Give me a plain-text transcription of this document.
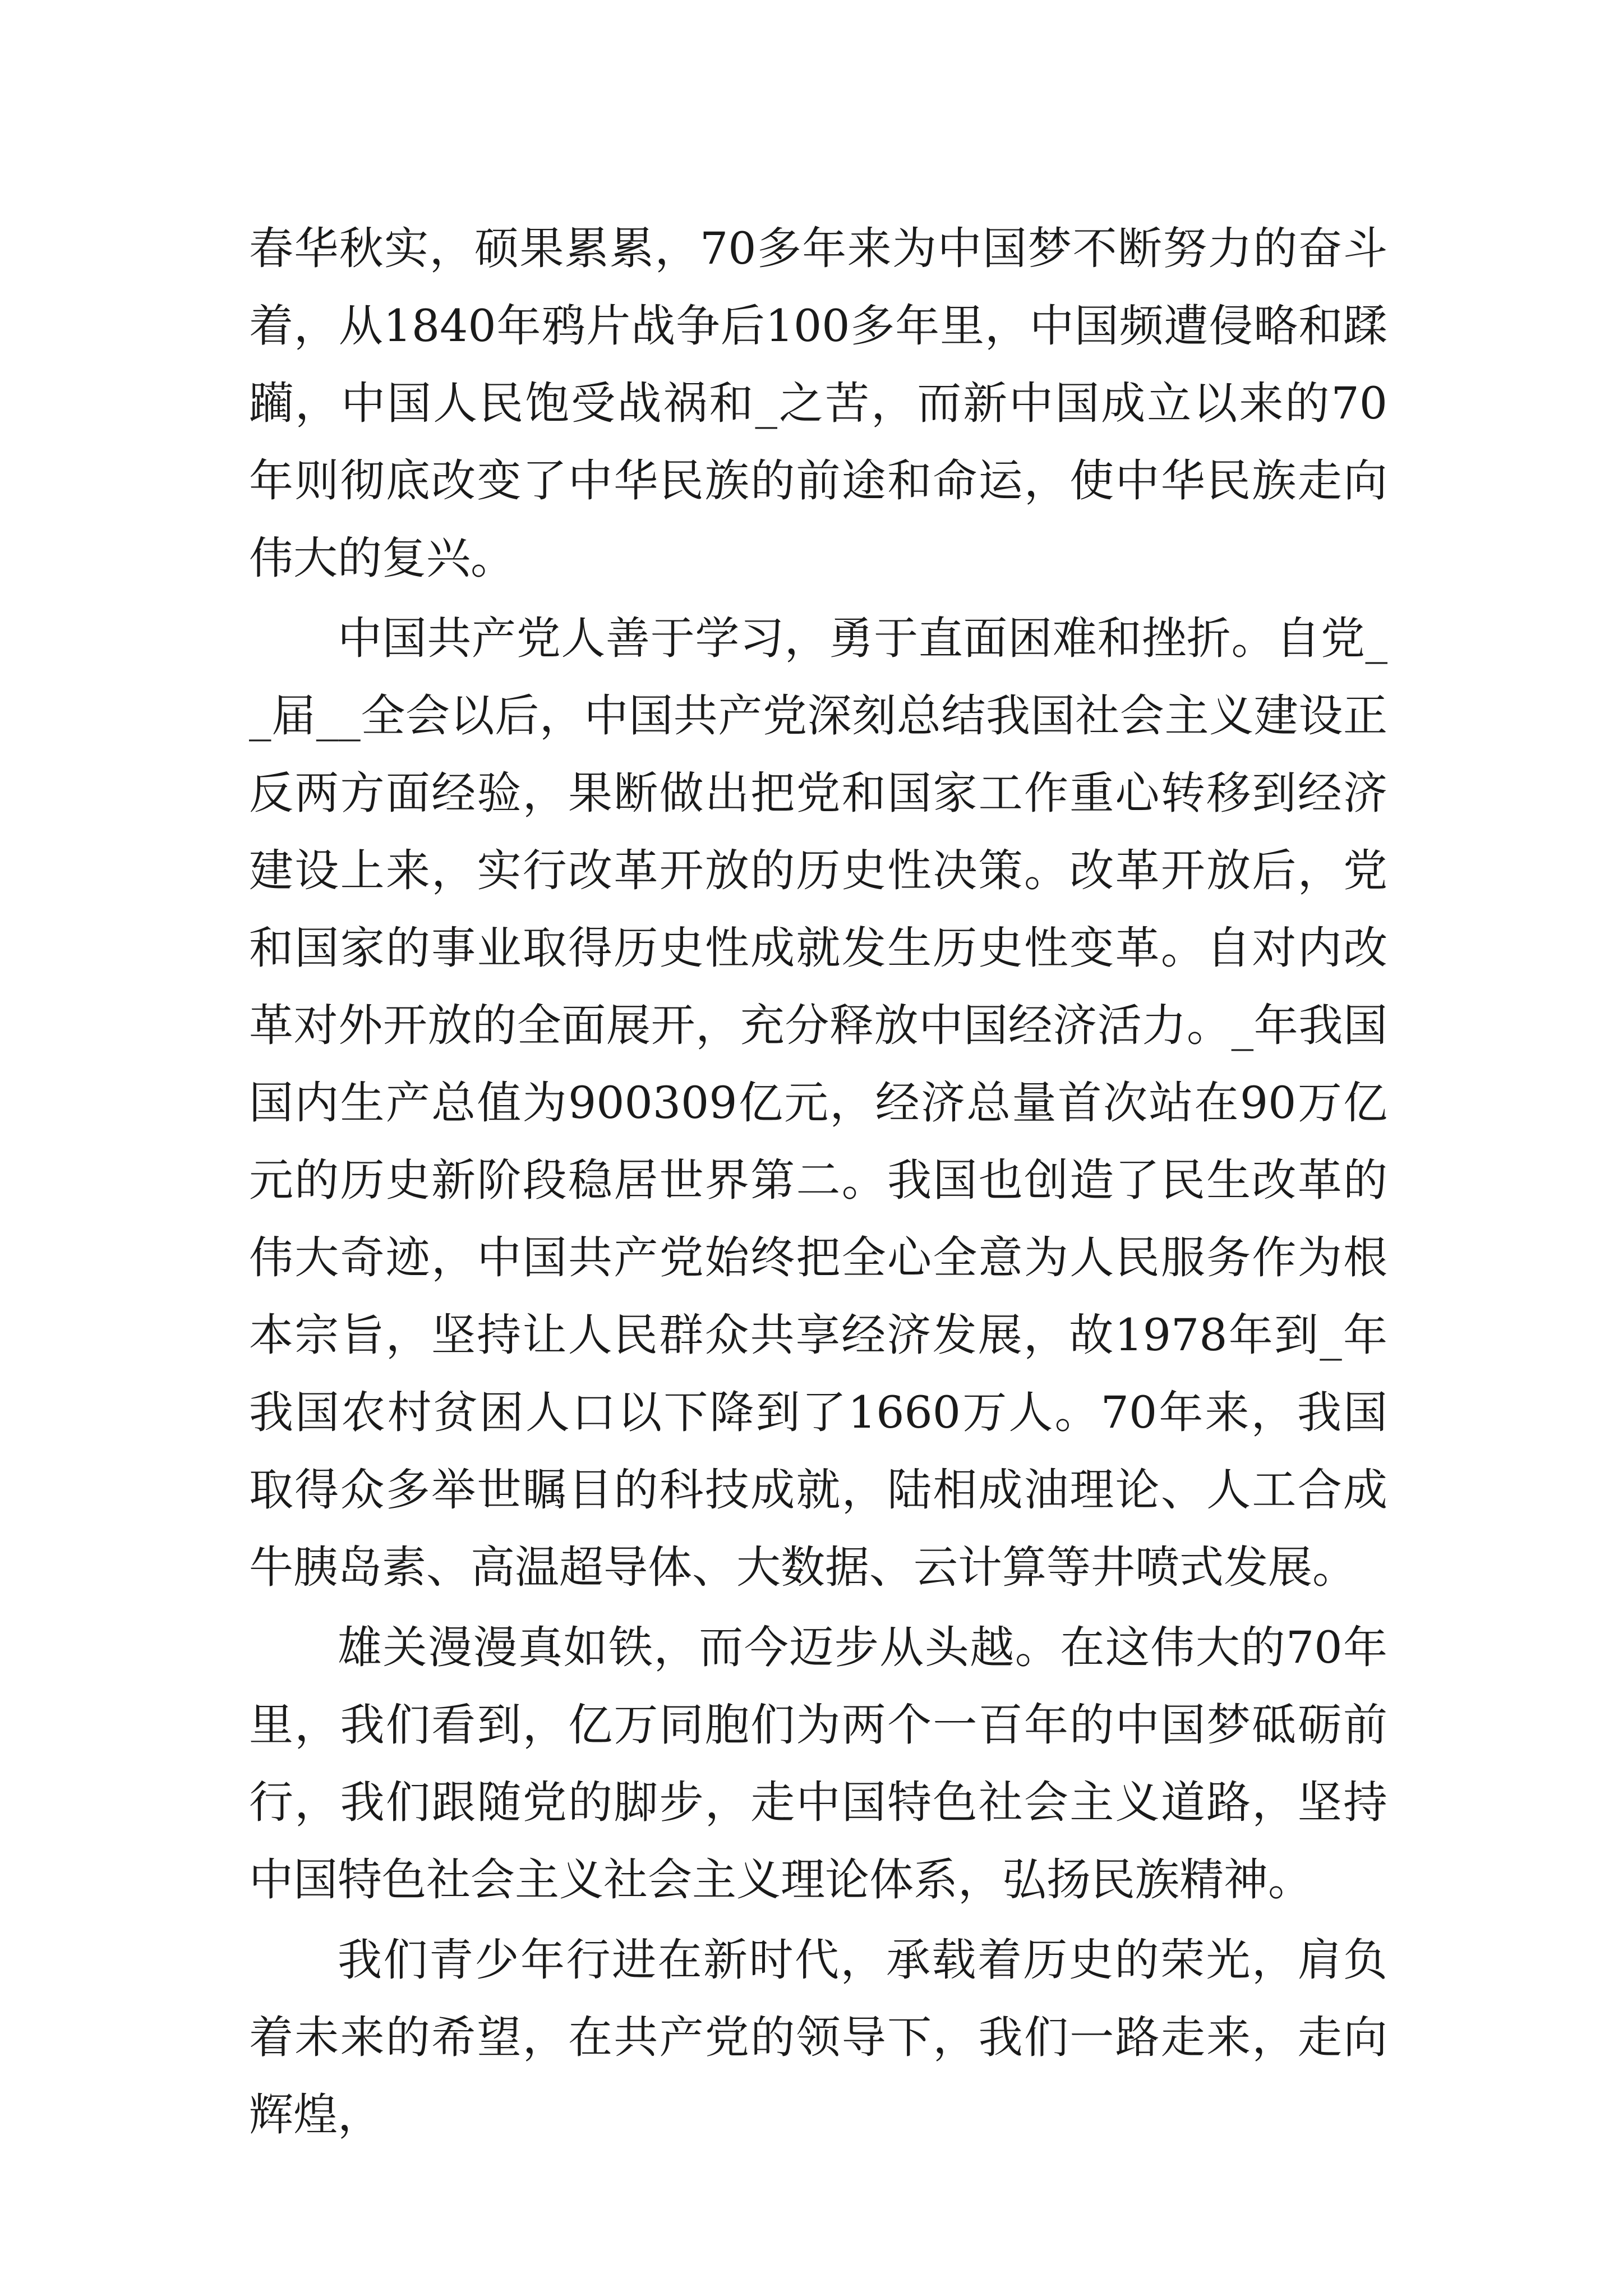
春华秋实，硕果累累，70多年来为中国梦不断努力的奋斗着，从1840年鸦片战争后100多年里，中国频遭侵略和蹂躏，中国人民饱受战祸和_之苦，而新中国成立以来的70年则彻底改变了中华民族的前途和命运，使中华民族走向伟大的复兴。

中国共产党人善于学习，勇于直面困难和挫折。自党__届__全会以后，中国共产党深刻总结我国社会主义建设正反两方面经验，果断做出把党和国家工作重心转移到经济建设上来，实行改革开放的历史性决策。改革开放后，党和国家的事业取得历史性成就发生历史性变革。自对内改革对外开放的全面展开，充分释放中国经济活力。_年我国国内生产总值为900309亿元，经济总量首次站在90万亿元的历史新阶段稳居世界第二。我国也创造了民生改革的伟大奇迹，中国共产党始终把全心全意为人民服务作为根本宗旨，坚持让人民群众共享经济发展，故1978年到_年我国农村贫困人口以下降到了1660万人。70年来，我国取得众多举世瞩目的科技成就，陆相成油理论、人工合成牛胰岛素、高温超导体、大数据、云计算等井喷式发展。

雄关漫漫真如铁，而今迈步从头越。在这伟大的70年里，我们看到，亿万同胞们为两个一百年的中国梦砥砺前行，我们跟随党的脚步，走中国特色社会主义道路，坚持中国特色社会主义社会主义理论体系，弘扬民族精神。

我们青少年行进在新时代，承载着历史的荣光，肩负着未来的希望，在共产党的领导下，我们一路走来，走向辉煌，
